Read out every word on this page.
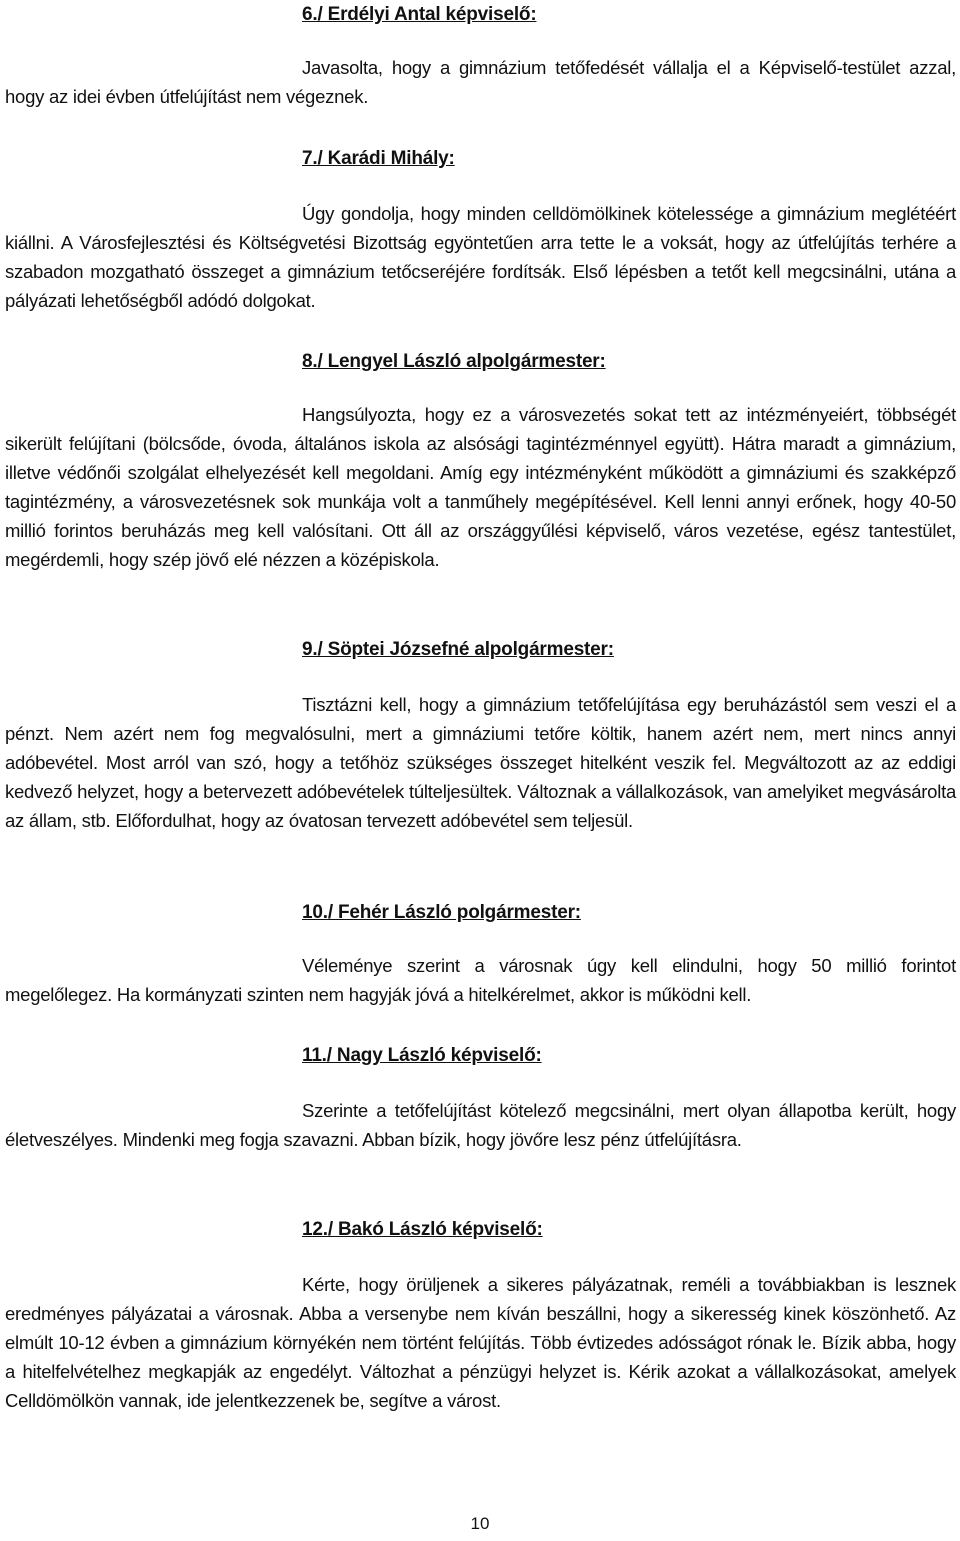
6./ Erdélyi Antal képviselő:

Javasolta, hogy a gimnázium tetőfedését vállalja el a Képviselő-testület azzal, hogy az idei évben útfelújítást nem végeznek.

7./ Karádi Mihály:

Úgy gondolja, hogy minden celldömölkinek kötelessége a gimnázium meglétéért kiállni. A Városfejlesztési és Költségvetési Bizottság egyöntetűen arra tette le a voksát, hogy az útfelújítás terhére a szabadon mozgatható összeget a gimnázium tetőcseréjére fordítsák. Első lépésben a tetőt kell megcsinálni, utána a pályázati lehetőségből adódó dolgokat.

8./ Lengyel László alpolgármester:

Hangsúlyozta, hogy ez a városvezetés sokat tett az intézményeiért, többségét sikerült felújítani (bölcsőde, óvoda, általános iskola az alsósági tagintézménnyel együtt). Hátra maradt a gimnázium, illetve védőnői szolgálat elhelyezését kell megoldani. Amíg egy intézményként működött a gimnáziumi és szakképző tagintézmény, a városvezetésnek sok munkája volt a tanműhely megépítésével. Kell lenni annyi erőnek, hogy 40-50 millió forintos beruházás meg kell valósítani. Ott áll az országgyűlési képviselő, város vezetése, egész tantestület, megérdemli, hogy szép jövő elé nézzen a középiskola.

9./ Söptei Józsefné alpolgármester:

Tisztázni kell, hogy a gimnázium tetőfelújítása egy beruházástól sem veszi el a pénzt. Nem azért nem fog megvalósulni, mert a gimnáziumi tetőre költik, hanem azért nem, mert nincs annyi adóbevétel. Most arról van szó, hogy a tetőhöz szükséges összeget hitelként veszik fel. Megváltozott az az eddigi kedvező helyzet, hogy a betervezett adóbevételek túlteljesültek. Változnak a vállalkozások, van amelyiket megvásárolta az állam, stb. Előfordulhat, hogy az óvatosan tervezett adóbevétel sem teljesül.

10./ Fehér László polgármester:

Véleménye szerint a városnak úgy kell elindulni, hogy 50 millió forintot megelőlegez. Ha kormányzati szinten nem hagyják jóvá a hitelkérelmet, akkor is működni kell.

11./ Nagy László képviselő:

Szerinte a tetőfelújítást kötelező megcsinálni, mert olyan állapotba került, hogy életveszélyes. Mindenki meg fogja szavazni. Abban bízik, hogy jövőre lesz pénz útfelújításra.

12./ Bakó László képviselő:

Kérte, hogy örüljenek a sikeres pályázatnak, reméli a továbbiakban is lesznek eredményes pályázatai a városnak. Abba a versenybe nem kíván beszállni, hogy a sikeresség kinek köszönhető. Az elmúlt 10-12 évben a gimnázium környékén nem történt felújítás. Több évtizedes adósságot rónak le. Bízik abba, hogy a hitelfelvételhez megkapják az engedélyt. Változhat a pénzügyi helyzet is. Kérik azokat a vállalkozásokat, amelyek Celldömölkön vannak, ide jelentkezzenek be, segítve a várost.

10
